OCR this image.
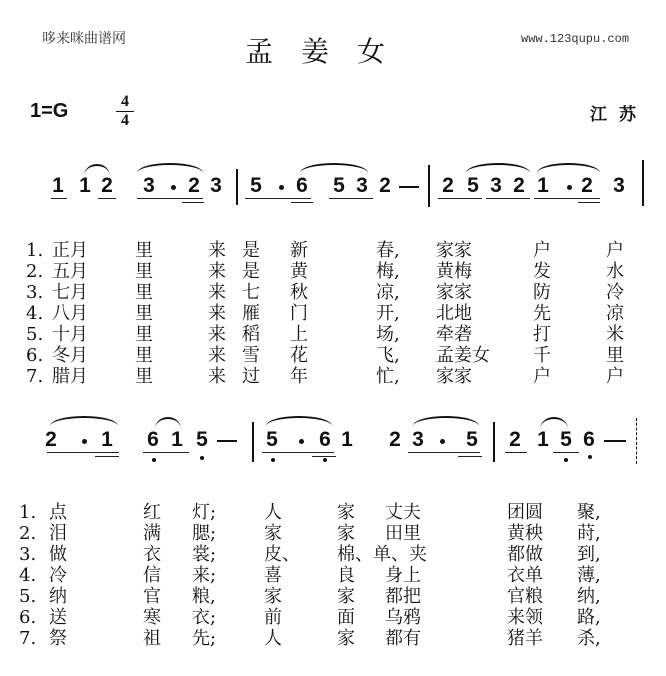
哆来咪曲谱网	孟姜女	www.123qupu.com
1=G	4
4	江苏
1 1 2 3 2 3 5 6 5 3 2 2 5 3 2 1 2 3

1. 正月	里	来 是 新	春, 家家	户	户

2. 五月	里	来 是 黄	梅, 黄梅	发	水

3. 七月	里	来 七 秋	凉, 家家	防	冷

4. 八月	里	来 雁 门	开, 北地	先	凉

5. 十月	里	来 稻 上	场, 牵砻	打	米

6. 冬月	里	来 雪 花	飞, 孟姜女 千	里

7. 腊月	里	来 过 年	忙, 家家	户	户

2 1 6 1 5	5 6 1 2 3 5 2 1 5 6

1. 点	红 灯;	人	家 丈夫	团圆 聚,

2. 泪	满 腮;	家	家 田里	黄秧 莳,

3. 做	衣 裳;	皮、 棉、单、夹	都做 到,

4. 冷	信 来;	喜	良 身上	衣单 薄,

5. 纳	官 粮,	家	家 都把	官粮 纳,

6. 送	寒 衣;	前	面 乌鸦	来领 路,

7. 祭	祖 先;	人	家 都有	猪羊 杀,
